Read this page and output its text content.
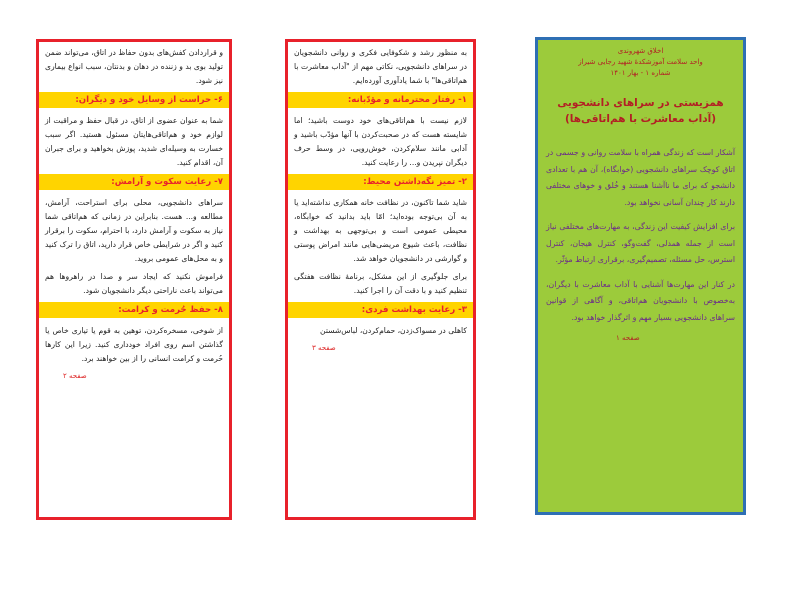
و قراردادن کفش‌های بدون حفاظ در اتاق، می‌تواند ضمن تولید بوی بد و زننده در دهان و بدنتان، سبب انواع بیماری نیز شود.

۶- حراست از وسایل خود و دیگران:

شما به عنوان عضوی از اتاق، در قبال حفظ و مراقبت از لوازم خود و هم‌اتاقی‌هایتان مسئول هستید. اگر سبب خسارت به وسیله‌ای شدید، پوزش بخواهید و برای جبران آن، اقدام کنید.

۷- رعایت سکوت و آرامش:

سراهای دانشجویی، محلی برای استراحت، آرامش، مطالعه و... هست. بنابراین در زمانی که هم‌اتاقی شما نیاز به سکوت و آرامش دارد، با احترام، سکوت را برقرار کنید و اگر در شرایطی خاص قرار دارید، اتاق را ترک کنید و به محل‌های عمومی بروید.

فراموش نکنید که ایجاد سر و صدا در راهروها هم می‌تواند باعث ناراحتی دیگر دانشجویان شود.

۸- حفظ حُرمت و کرامت:

از شوخی، مسخره‌کردن، توهین به قوم یا تیاری خاص یا گذاشتن اسم روی افراد خودداری کنید. زیرا این کارها حُرمت و کرامت انسانی را از بین خواهند برد.

صفحه ۲

به منظور رشد و شکوفایی فکری و روانی دانشجویان در سراهای دانشجویی، نکاتی مهم از "آداب معاشرت با هم‌اتاقی‌ها" با شما یادآوری آورده‌ایم.

۱- رفتار محترمانه و مؤدّبانه:

لازم نیست با هم‌اتاقی‌های خود دوست باشید؛ اما شایسته هست که در صحبت‌کردن با آنها مؤدّب باشید و آدابی مانند سلام‌کردن، خوش‌رویی، در وسط حرف دیگران نپریدن و... را رعایت کنید.

۲- تمیز نگه‌داشتن محیط:

شاید شما تاکنون، در نظافت خانه همکاری نداشته‌اید یا به آن بی‌توجه بوده‌اید؛ امّا باید بدانید که خوابگاه، محیطی عمومی است و بی‌توجهی به بهداشت و نظافت، باعث شیوع مریضی‌هایی مانند امراض پوستی و گوارشی در دانشجویان خواهد شد.

برای جلوگیری از این مشکل، برنامهٔ نظافت هفتگی تنظیم کنید و با دقت آن را اجرا کنید.

۳- رعایت بهداشت فردی:

کاهلی در مسواک‌زدن، حمام‌کردن، لباس‌شستن

صفحه ۳

اخلاق شهروندی

واحد سلامت آموزشکدهٔ شهید رجایی شیراز

شماره ۱ - بهار ۱۴۰۱

همزیستی در سراهای دانشجویی
(آداب معاشرت با هم‌اتاقی‌ها)

آشکار است که زندگی همراه با سلامت روانی و جسمی در اتاق کوچک سراهای دانشجویی (خوابگاه)، آن هم با تعدادی دانشجو که برای ما ناآشنا هستند و خُلق و خوهای مختلفی دارند کار چندان آسانی نخواهد بود.

برای افزایش کیفیت این زندگی، به مهارت‌های مختلفی نیاز است از جمله همدلی، گفت‌وگو، کنترل هیجان، کنترل استرس، حل مسئله، تصمیم‌گیری، برقراری ارتباط مؤثّر.

در کنار این مهارت‌ها آشنایی با آداب معاشرت با دیگران، به‌خصوص با دانشجویان هم‌اتاقی، و آگاهی از قوانین سراهای دانشجویی بسیار مهم و اثرگذار خواهد بود.

صفحه ۱
